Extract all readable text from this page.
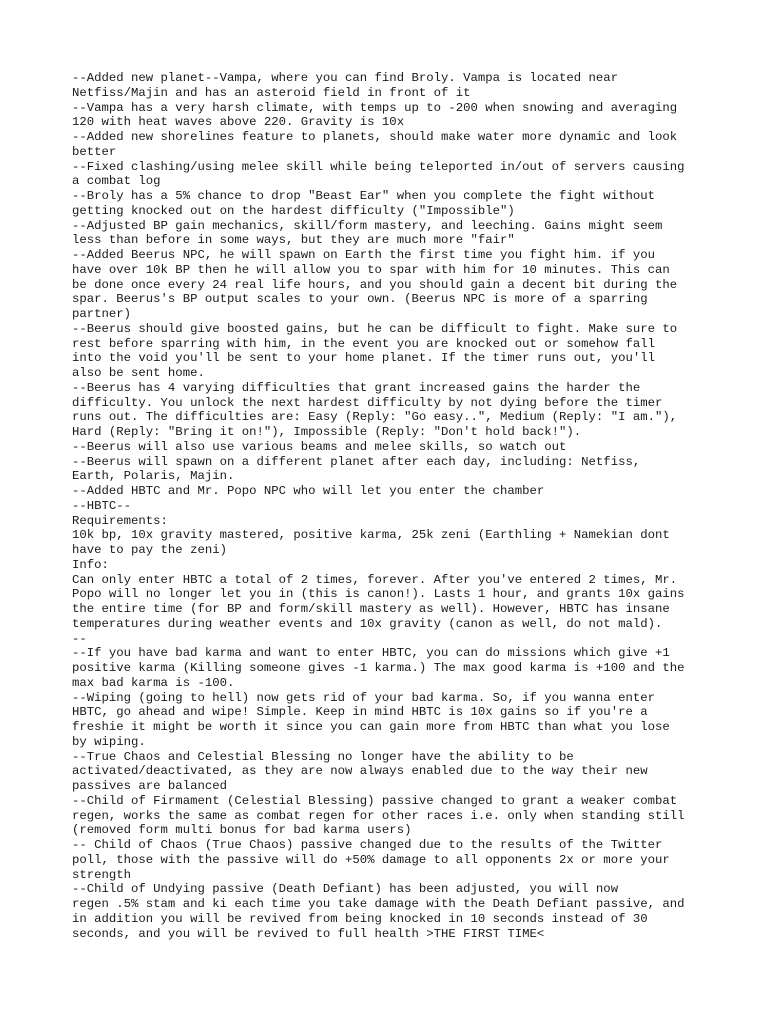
--Added new planet--Vampa, where you can find Broly. Vampa is located near
Netfiss/Majin and has an asteroid field in front of it
--Vampa has a very harsh climate, with temps up to -200 when snowing and averaging
120 with heat waves above 220. Gravity is 10x
--Added new shorelines feature to planets, should make water more dynamic and look
better
--Fixed clashing/using melee skill while being teleported in/out of servers causing
a combat log
--Broly has a 5% chance to drop "Beast Ear" when you complete the fight without
getting knocked out on the hardest difficulty ("Impossible")
--Adjusted BP gain mechanics, skill/form mastery, and leeching. Gains might seem
less than before in some ways, but they are much more "fair"
--Added Beerus NPC, he will spawn on Earth the first time you fight him. if you
have over 10k BP then he will allow you to spar with him for 10 minutes. This can
be done once every 24 real life hours, and you should gain a decent bit during the
spar. Beerus's BP output scales to your own. (Beerus NPC is more of a sparring
partner)
--Beerus should give boosted gains, but he can be difficult to fight. Make sure to
rest before sparring with him, in the event you are knocked out or somehow fall
into the void you'll be sent to your home planet. If the timer runs out, you'll
also be sent home.
--Beerus has 4 varying difficulties that grant increased gains the harder the
difficulty. You unlock the next hardest difficulty by not dying before the timer
runs out. The difficulties are: Easy (Reply: "Go easy..", Medium (Reply: "I am."),
Hard (Reply: "Bring it on!"), Impossible (Reply: "Don't hold back!").
--Beerus will also use various beams and melee skills, so watch out
--Beerus will spawn on a different planet after each day, including: Netfiss,
Earth, Polaris, Majin.
--Added HBTC and Mr. Popo NPC who will let you enter the chamber
--HBTC--
Requirements:
10k bp, 10x gravity mastered, positive karma, 25k zeni (Earthling + Namekian dont
have to pay the zeni)
Info:
Can only enter HBTC a total of 2 times, forever. After you've entered 2 times, Mr.
Popo will no longer let you in (this is canon!). Lasts 1 hour, and grants 10x gains
the entire time (for BP and form/skill mastery as well). However, HBTC has insane
temperatures during weather events and 10x gravity (canon as well, do not mald).
--
--If you have bad karma and want to enter HBTC, you can do missions which give +1
positive karma (Killing someone gives -1 karma.) The max good karma is +100 and the
max bad karma is -100.
--Wiping (going to hell) now gets rid of your bad karma. So, if you wanna enter
HBTC, go ahead and wipe! Simple. Keep in mind HBTC is 10x gains so if you're a
freshie it might be worth it since you can gain more from HBTC than what you lose
by wiping.
--True Chaos and Celestial Blessing no longer have the ability to be
activated/deactivated, as they are now always enabled due to the way their new
passives are balanced
--Child of Firmament (Celestial Blessing) passive changed to grant a weaker combat
regen, works the same as combat regen for other races i.e. only when standing still
(removed form multi bonus for bad karma users)
-- Child of Chaos (True Chaos) passive changed due to the results of the Twitter
poll, those with the passive will do +50% damage to all opponents 2x or more your
strength
--Child of Undying passive (Death Defiant) has been adjusted, you will now
regen .5% stam and ki each time you take damage with the Death Defiant passive, and
in addition you will be revived from being knocked in 10 seconds instead of 30
seconds, and you will be revived to full health >THE FIRST TIME<
